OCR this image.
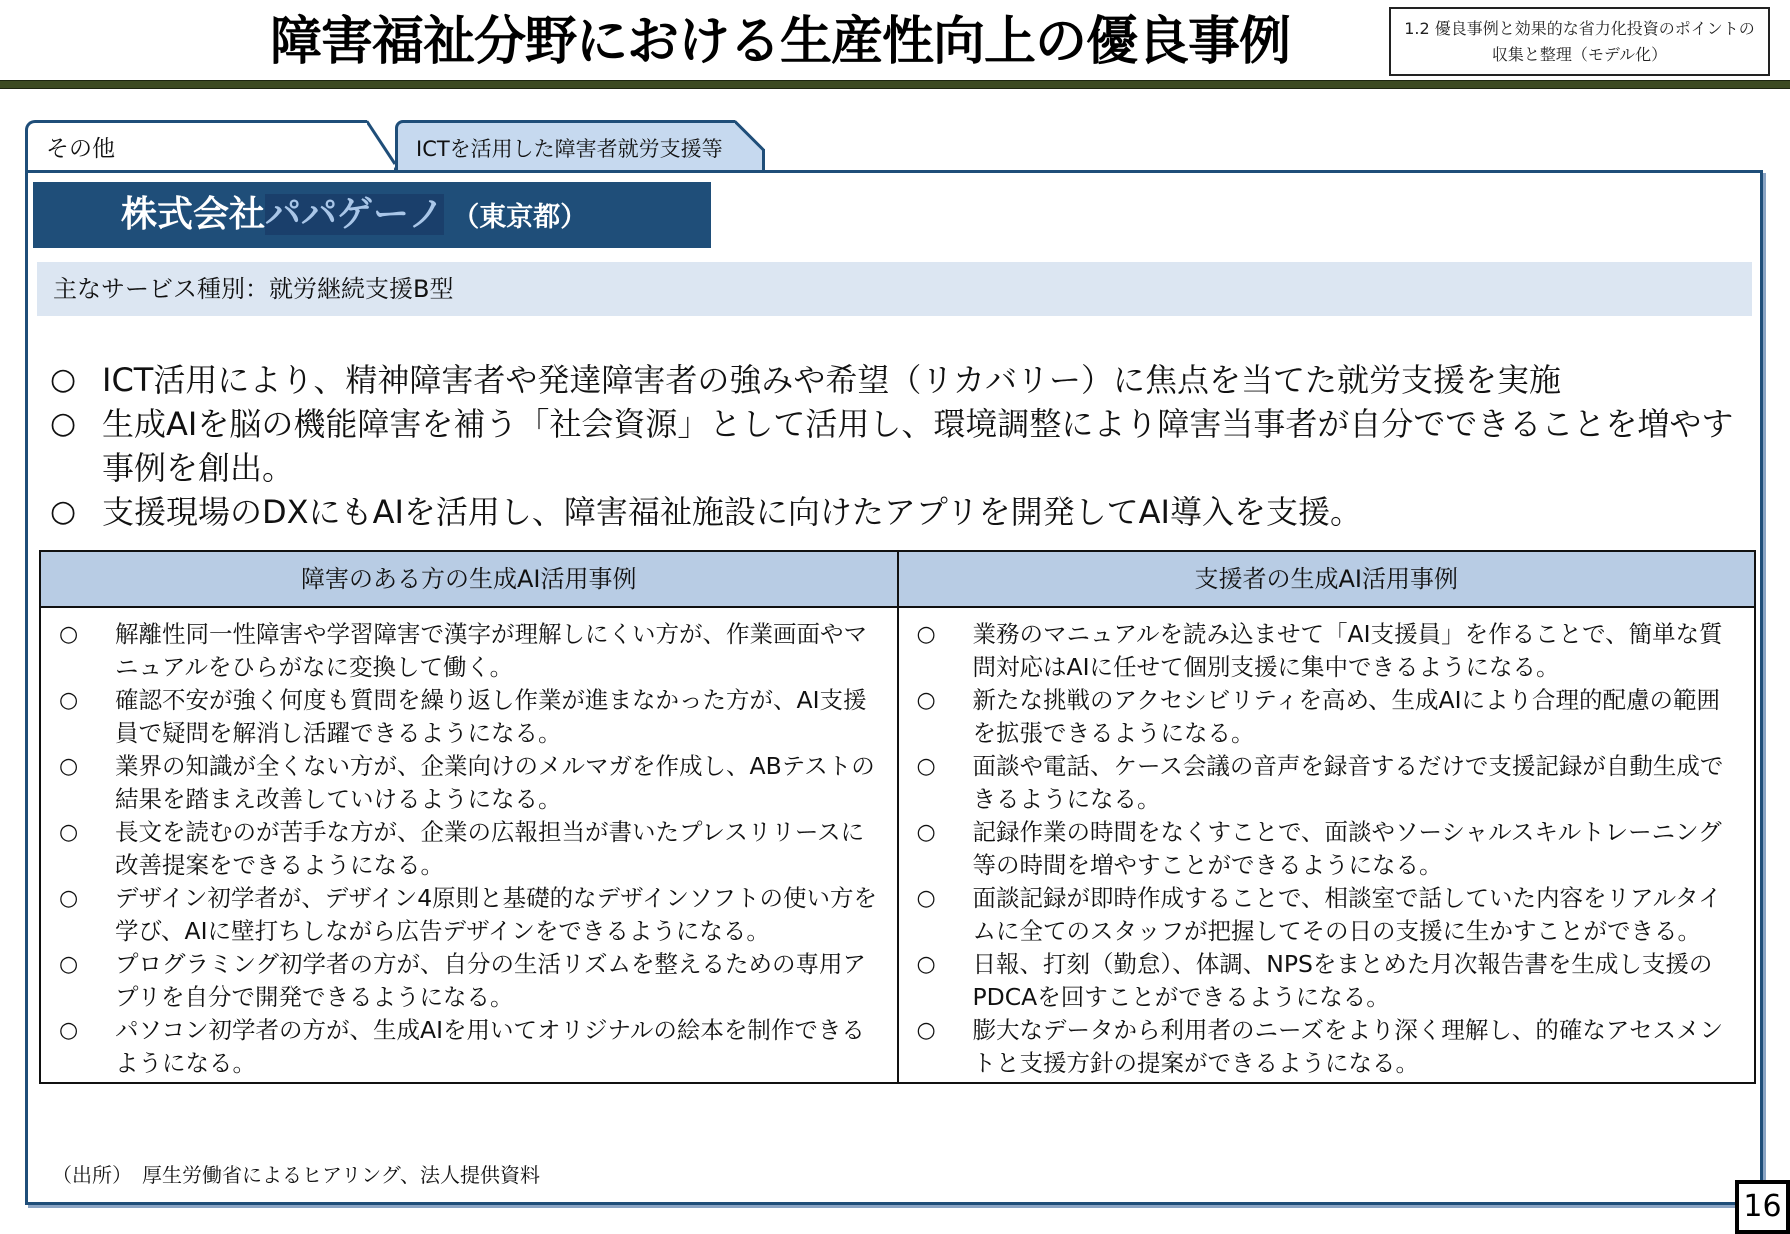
障害福祉分野における生産性向上の優良事例	1.2 優良事例と効果的な省力化投資のポイントの
収集と整理（モデル化）
その他	ICTを活用した障害者就労支援等
株式会社パパゲーノ （東京都）
主なサービス種別：就労継続支援B型
○ ICT活用により、精神障害者や発達障害者の強みや希望（リカバリー）に焦点を当てた就労支援を実施
○ 生成AIを脳の機能障害を補う「社会資源」として活用し、環境調整により障害当事者が自分でできることを増やす事例を創出。
○ 支援現場のDXにもAIを活用し、障害福祉施設に向けたアプリを開発してAI導入を支援。
障害のある方の生成AI活用事例	支援者の生成AI活用事例
○	解離性同一性障害や学習障害で漢字が理解しにくい方が、作業画面やマニュアルをひらがなに変換して働く。
○	確認不安が強く何度も質問を繰り返し作業が進まなかった方が、AI支援員で疑問を解消し活躍できるようになる。
○	業界の知識が全くない方が、企業向けのメルマガを作成し、ABテストの結果を踏まえ改善していけるようになる。
○	長文を読むのが苦手な方が、企業の広報担当が書いたプレスリリースに改善提案をできるようになる。
○	デザイン初学者が、デザイン4原則と基礎的なデザインソフトの使い方を学び、AIに壁打ちしながら広告デザインをできるようになる。
○	プログラミング初学者の方が、自分の生活リズムを整えるための専用アプリを自分で開発できるようになる。
○	パソコン初学者の方が、生成AIを用いてオリジナルの絵本を制作できるようになる。
○	業務のマニュアルを読み込ませて「AI支援員」を作ることで、簡単な質問対応はAIに任せて個別支援に集中できるようになる。
○	新たな挑戦のアクセシビリティを高め、生成AIにより合理的配慮の範囲を拡張できるようになる。
○	面談や電話、ケース会議の音声を録音するだけで支援記録が自動生成できるようになる。
○	記録作業の時間をなくすことで、面談やソーシャルスキルトレーニング等の時間を増やすことができるようになる。
○	面談記録が即時作成することで、相談室で話していた内容をリアルタイムに全てのスタッフが把握してその日の支援に生かすことができる。
○	日報、打刻（勤怠）、体調、NPSをまとめた月次報告書を生成し支援のPDCAを回すことができるようになる。
○	膨大なデータから利用者のニーズをより深く理解し、的確なアセスメントと支援方針の提案ができるようになる。
（出所）　厚生労働省によるヒアリング、法人提供資料
16
